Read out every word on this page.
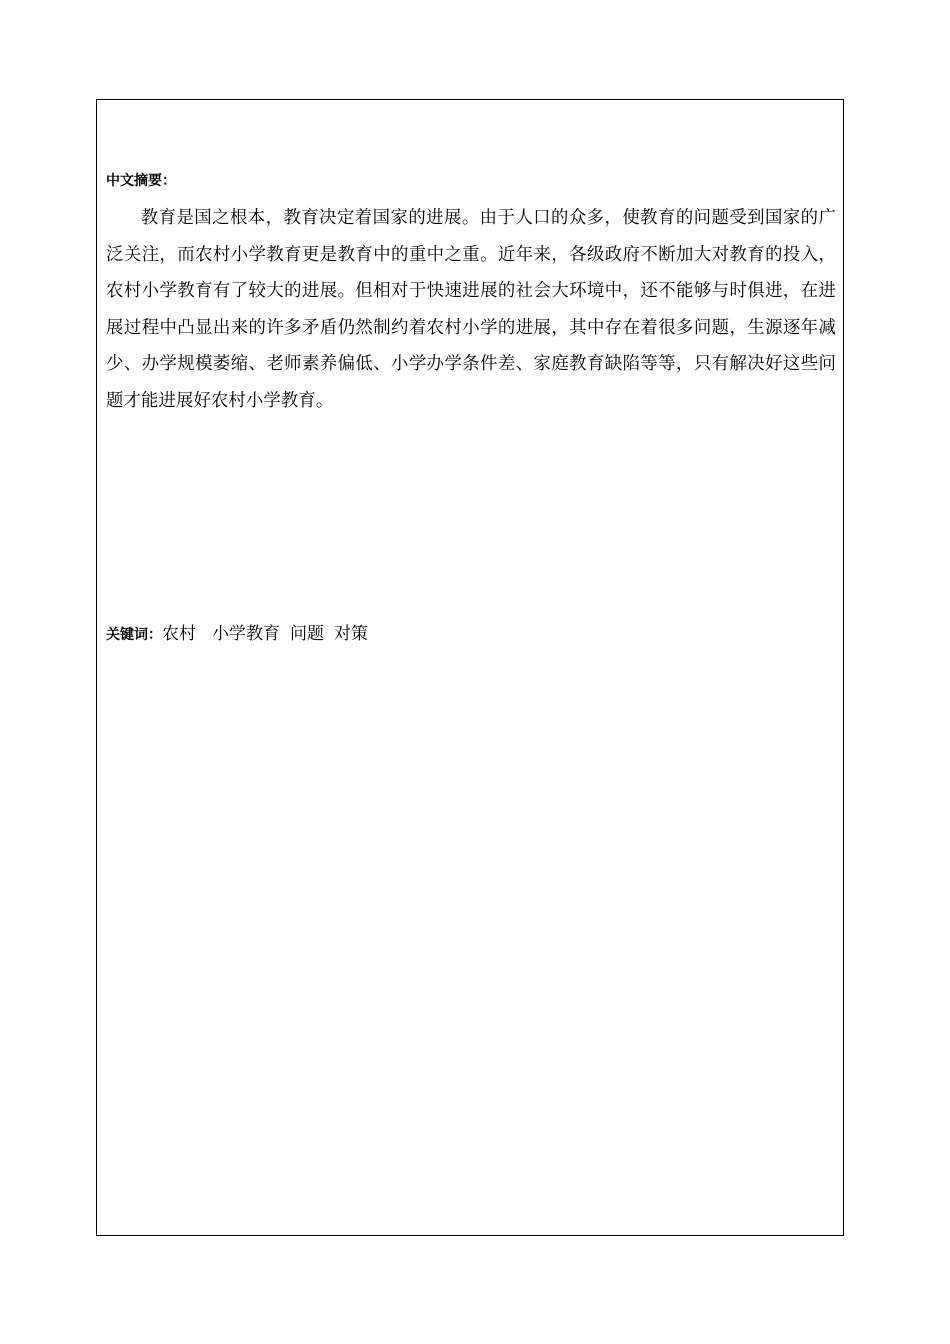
中文摘要：

教育是国之根本，教育决定着国家的进展。由于人口的众多，使教育的问题受到国家的广泛关注，而农村小学教育更是教育中的重中之重。近年来，各级政府不断加大对教育的投入，农村小学教育有了较大的进展。但相对于快速进展的社会大环境中，还不能够与时俱进，在进展过程中凸显出来的许多矛盾仍然制约着农村小学的进展，其中存在着很多问题，生源逐年减少、办学规模萎缩、老师素养偏低、小学办学条件差、家庭教育缺陷等等，只有解决好这些问题才能进展好农村小学教育。

关键词：农村 小学教育 问题 对策
